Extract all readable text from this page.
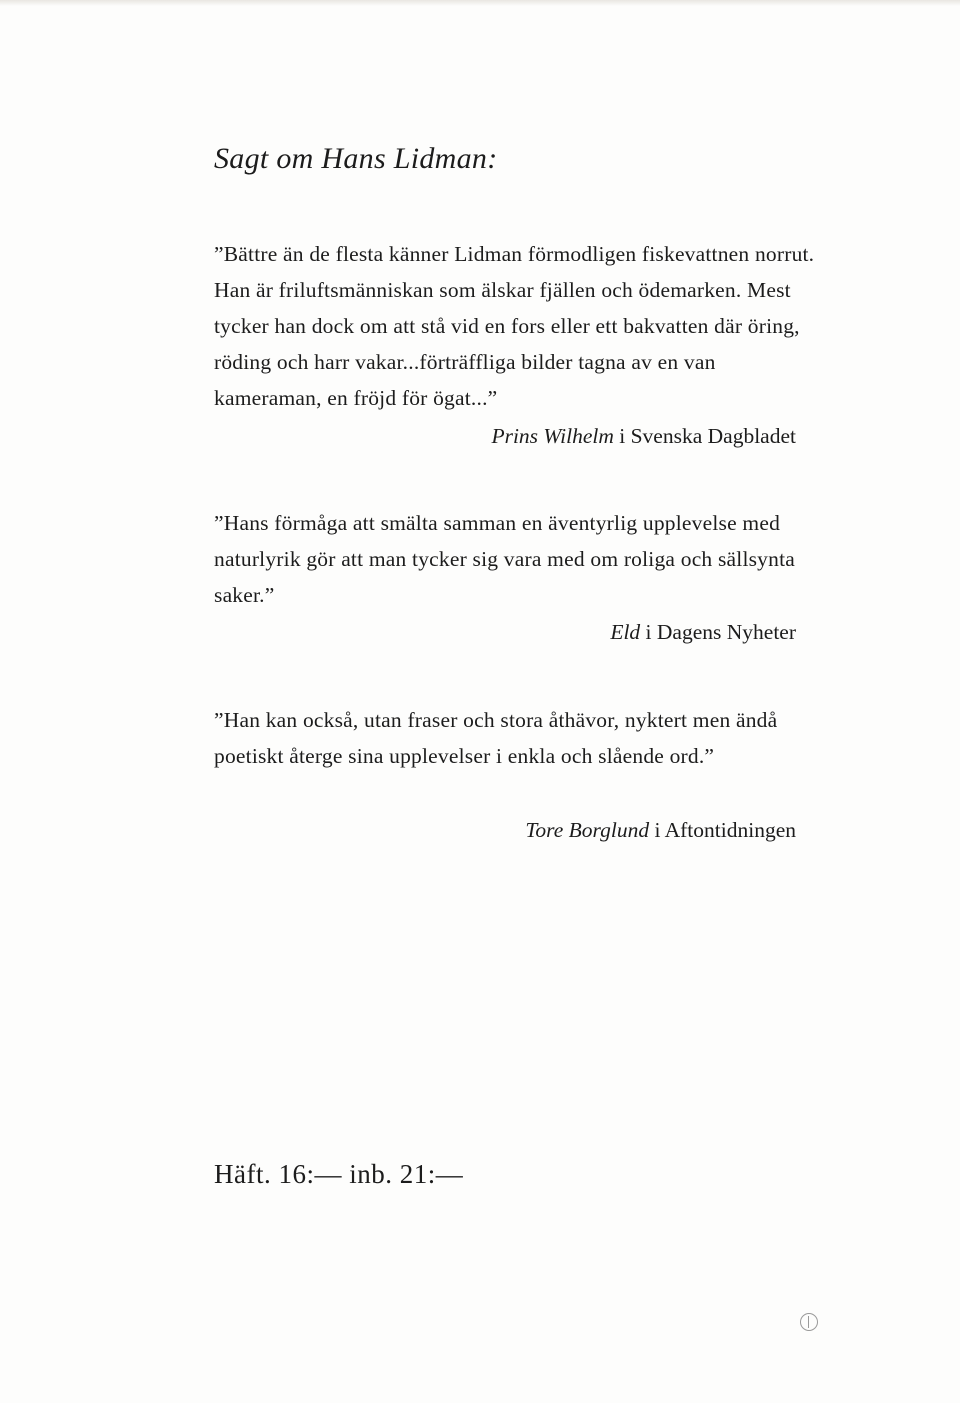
Sagt om Hans Lidman:

”Bättre än de flesta känner Lidman förmodligen fiskevattnen norrut. Han är friluftsmänniskan som älskar fjällen och ödemarken. Mest tycker han dock om att stå vid en fors eller ett bakvatten där öring, röding och harr vakar...förträffliga bilder tagna av en van kameraman, en fröjd för ögat...”

Prins Wilhelm i Svenska Dagbladet

”Hans förmåga att smälta samman en äventyrlig upplevelse med naturlyrik gör att man tycker sig vara med om roliga och sällsynta saker.”

Eld i Dagens Nyheter

”Han kan också, utan fraser och stora åthävor, nyktert men ändå poetiskt återge sina upplevelser i enkla och slående ord.”

Tore Borglund i Aftontidningen

Häft. 16:— inb. 21:—
